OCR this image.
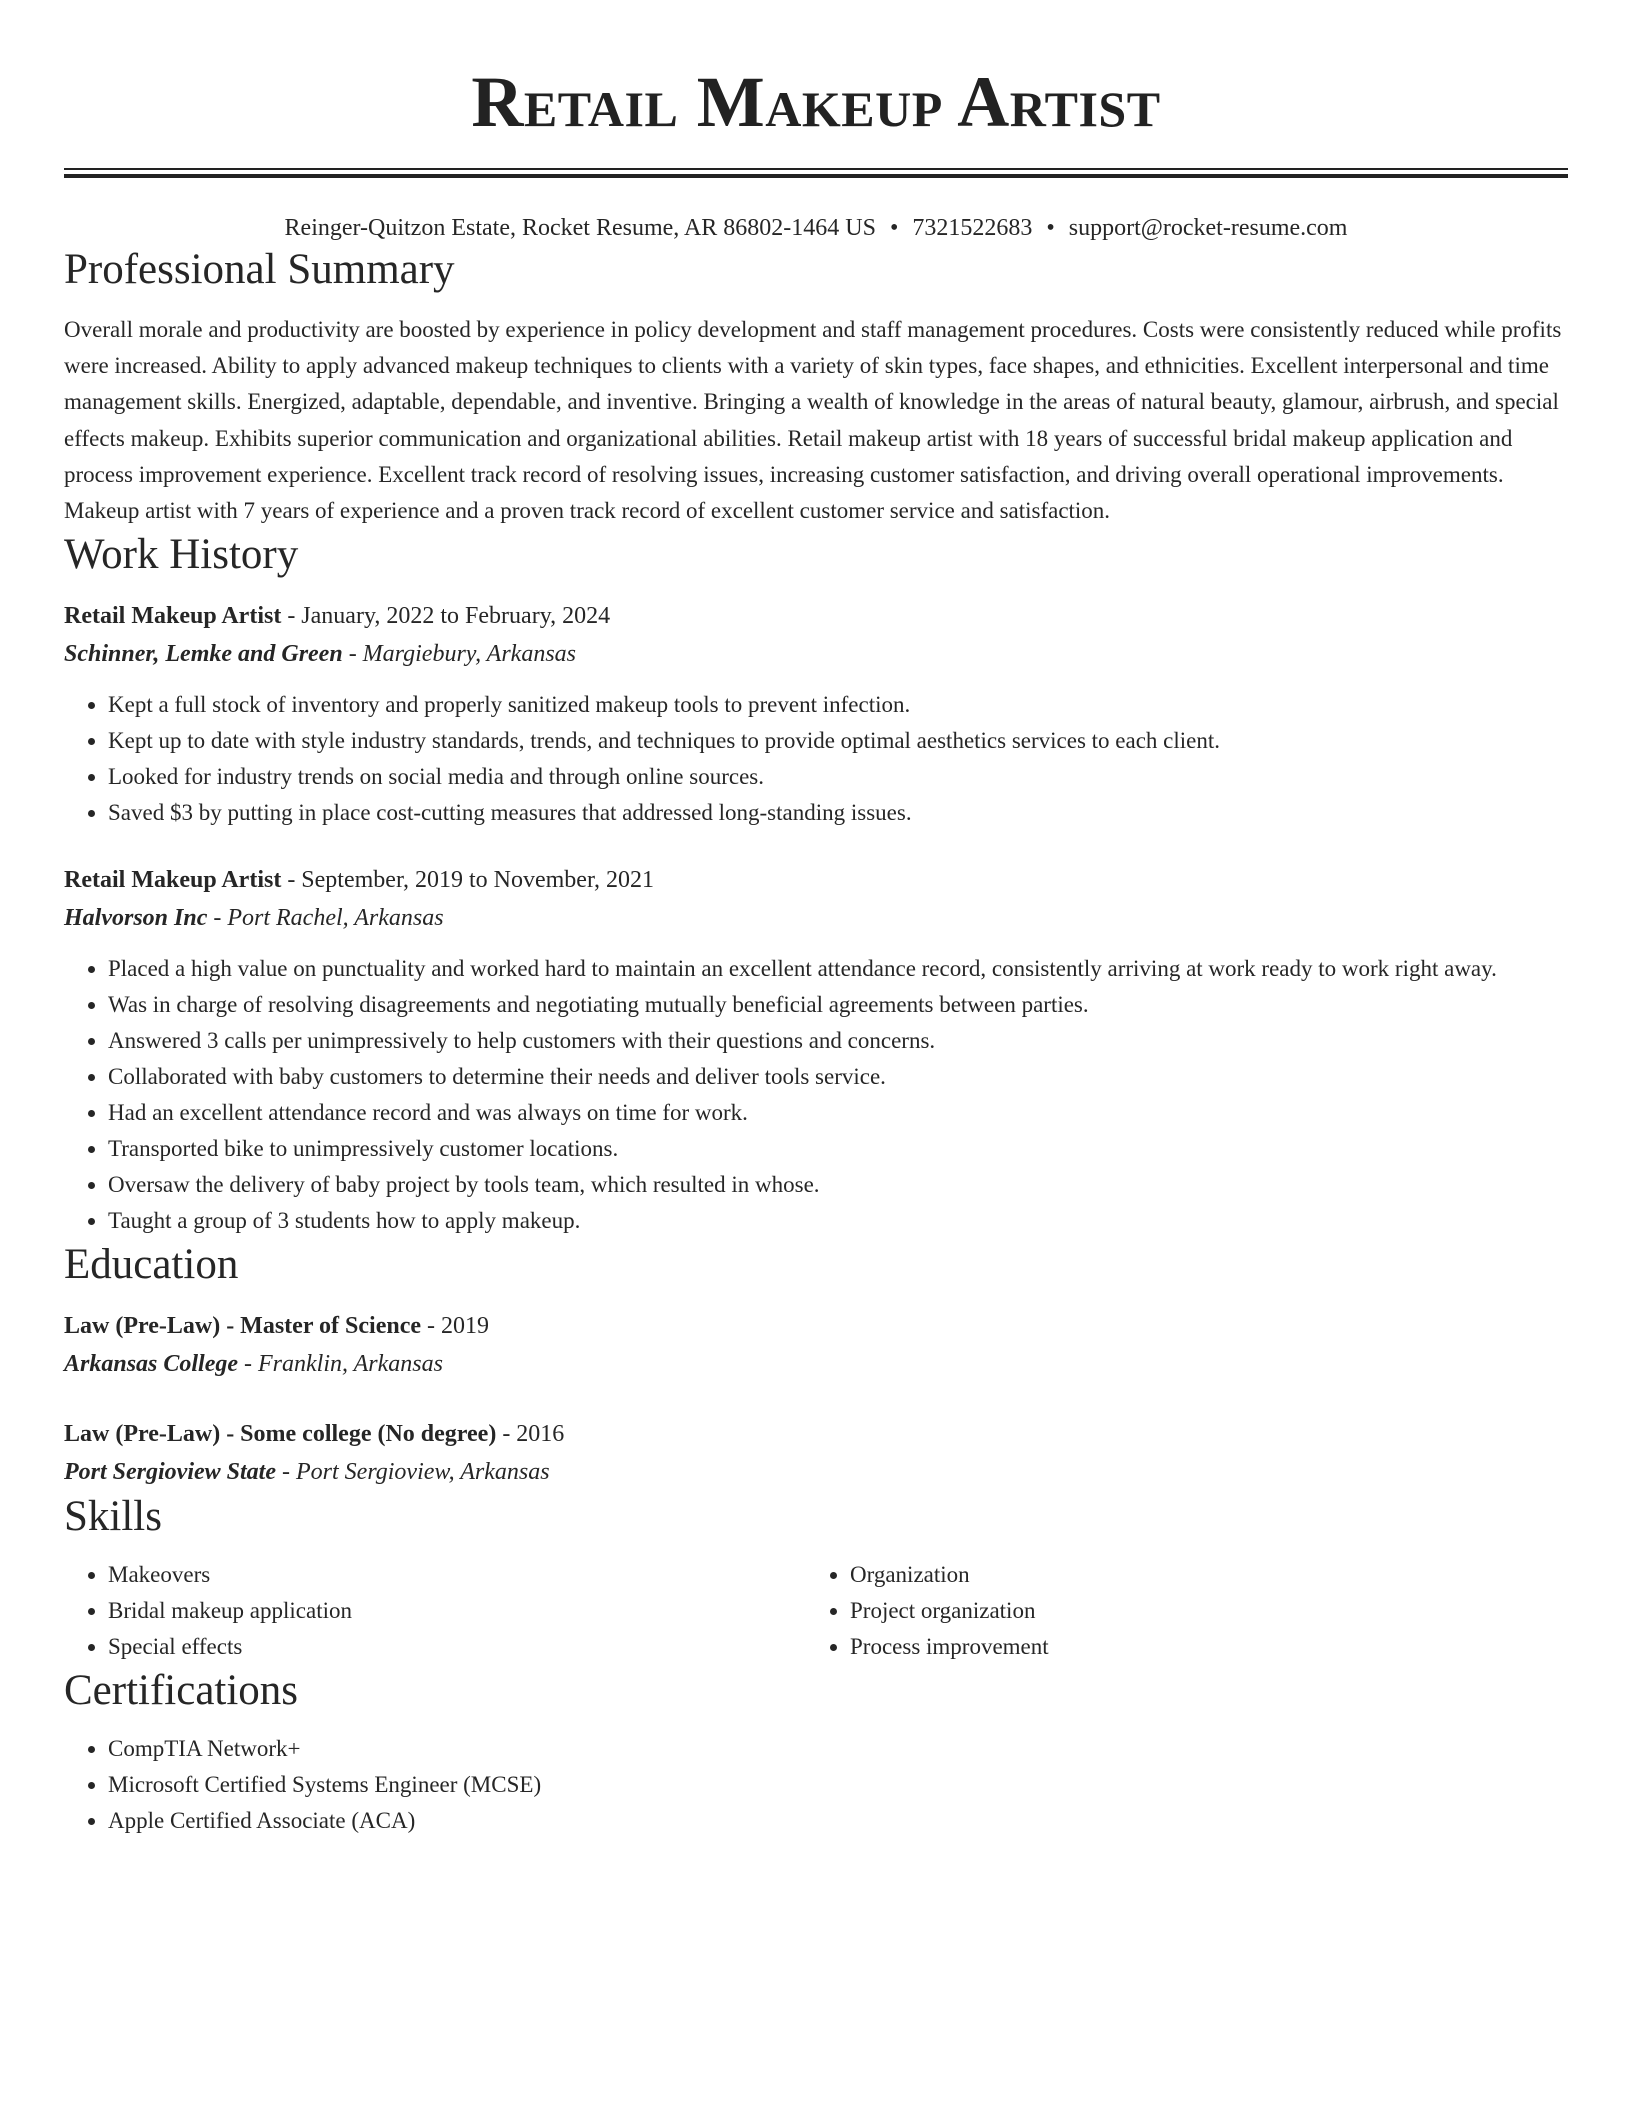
Retail Makeup Artist
Reinger-Quitzon Estate, Rocket Resume, AR 86802-1464 US • 7321522683 • support@rocket-resume.com
Professional Summary

Overall morale and productivity are boosted by experience in policy development and staff management procedures. Costs were consistently reduced while profits were increased. Ability to apply advanced makeup techniques to clients with a variety of skin types, face shapes, and ethnicities. Excellent interpersonal and time management skills. Energized, adaptable, dependable, and inventive. Bringing a wealth of knowledge in the areas of natural beauty, glamour, airbrush, and special effects makeup. Exhibits superior communication and organizational abilities. Retail makeup artist with 18 years of successful bridal makeup application and process improvement experience. Excellent track record of resolving issues, increasing customer satisfaction, and driving overall operational improvements. Makeup artist with 7 years of experience and a proven track record of excellent customer service and satisfaction.

Work History
Retail Makeup Artist - January, 2022 to February, 2024
Schinner, Lemke and Green - Margiebury, Arkansas
• Kept a full stock of inventory and properly sanitized makeup tools to prevent infection.
• Kept up to date with style industry standards, trends, and techniques to provide optimal aesthetics services to each client.
• Looked for industry trends on social media and through online sources.
• Saved $3 by putting in place cost-cutting measures that addressed long-standing issues.
Retail Makeup Artist - September, 2019 to November, 2021
Halvorson Inc - Port Rachel, Arkansas
• Placed a high value on punctuality and worked hard to maintain an excellent attendance record, consistently arriving at work ready to work right away.
• Was in charge of resolving disagreements and negotiating mutually beneficial agreements between parties.
• Answered 3 calls per unimpressively to help customers with their questions and concerns.
• Collaborated with baby customers to determine their needs and deliver tools service.
• Had an excellent attendance record and was always on time for work.
• Transported bike to unimpressively customer locations.
• Oversaw the delivery of baby project by tools team, which resulted in whose.
• Taught a group of 3 students how to apply makeup.
Education
Law (Pre-Law) - Master of Science - 2019
Arkansas College - Franklin, Arkansas
Law (Pre-Law) - Some college (No degree) - 2016
Port Sergioview State - Port Sergioview, Arkansas
Skills
• Makeovers
• Bridal makeup application
• Special effects
• Organization
• Project organization
• Process improvement
Certifications
• CompTIA Network+
• Microsoft Certified Systems Engineer (MCSE)
• Apple Certified Associate (ACA)
